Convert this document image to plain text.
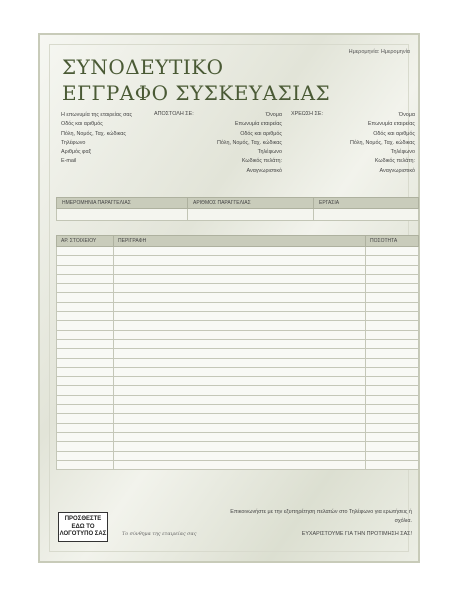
Ημερομηνία: Ημερομηνία
ΣΥΝΟΔΕΥΤΙΚΟ
ΕΓΓΡΑΦΟ ΣΥΣΚΕΥΑΣΙΑΣ
Η επωνυμία της εταιρείας σας
Οδός και αριθμός
Πόλη, Νομός, Ταχ. κώδικας
Τηλέφωνο
Αριθμός φαξ
E-mail
ΑΠΟΣΤΟΛΗ ΣΕ:	Όνομα
Επωνυμία εταιρείας
Οδός και αριθμός
Πόλη, Νομός, Ταχ. κώδικας
Τηλέφωνο
Κωδικός πελάτη:
Αναγνωριστικό
ΧΡΕΩΣΗ ΣΕ:	Όνομα
Επωνυμία εταιρείας
Οδός και αριθμός
Πόλη, Νομός, Ταχ. κώδικας
Τηλέφωνο
Κωδικός πελάτη:
Αναγνωριστικό
ΗΜΕΡΟΜΗΝΙΑ ΠΑΡΑΓΓΕΛΙΑΣ	ΑΡΙΘΜΟΣ ΠΑΡΑΓΓΕΛΙΑΣ	ΕΡΓΑΣΙΑ

ΑΡ. ΣΤΟΙΧΕΙΟΥ	ΠΕΡΙΓΡΑΦΗ	ΠΟΣΟΤΗΤΑ

ΠΡΟΣΘΕΣΤΕ ΕΔΩ ΤΟ ΛΟΓΟΤΥΠΟ ΣΑΣ	Το σύνθημα της εταιρείας σας
Επικοινωνήστε με την εξυπηρέτηση πελατών στο Τηλέφωνο για ερωτήσεις ή σχόλια.
ΕΥΧΑΡΙΣΤΟΥΜΕ ΓΙΑ ΤΗΝ ΠΡΟΤΙΜΗΣΗ ΣΑΣ!
